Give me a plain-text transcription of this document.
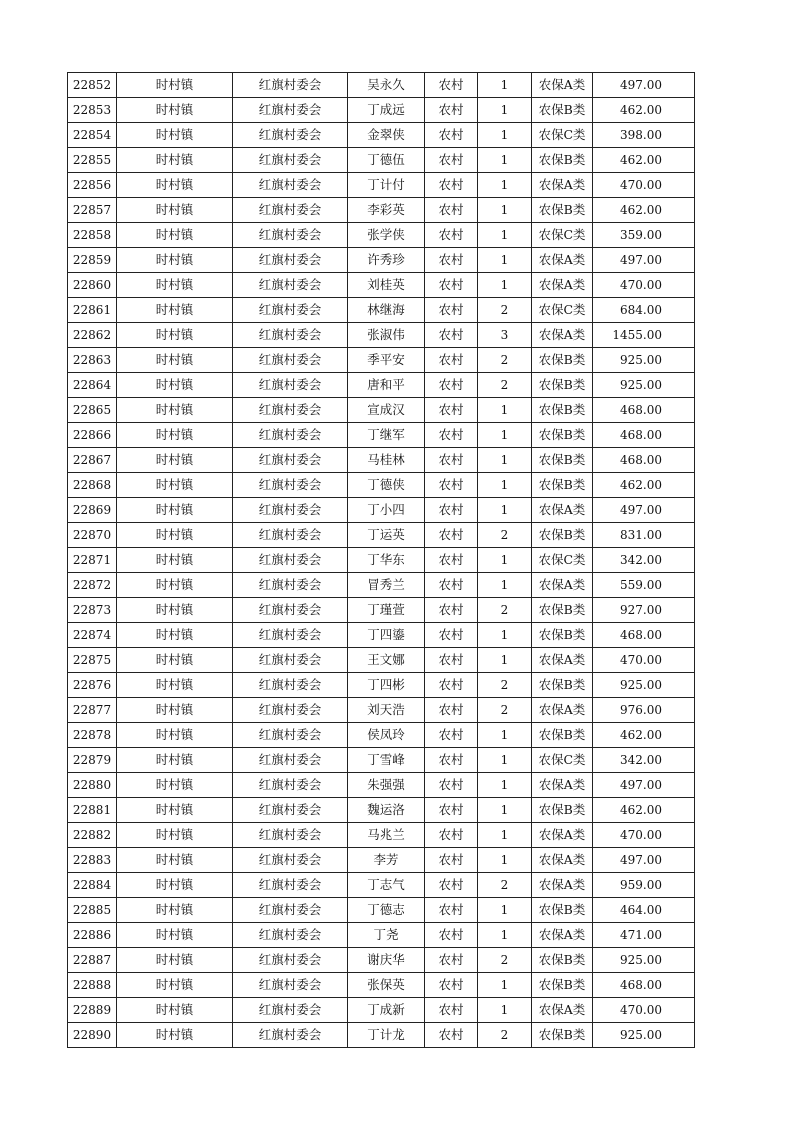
22852	时村镇	红旗村委会	吴永久	农村	1	农保A类	497.00
22853	时村镇	红旗村委会	丁成远	农村	1	农保B类	462.00
22854	时村镇	红旗村委会	金翠侠	农村	1	农保C类	398.00
22855	时村镇	红旗村委会	丁德伍	农村	1	农保B类	462.00
22856	时村镇	红旗村委会	丁计付	农村	1	农保A类	470.00
22857	时村镇	红旗村委会	李彩英	农村	1	农保B类	462.00
22858	时村镇	红旗村委会	张学侠	农村	1	农保C类	359.00
22859	时村镇	红旗村委会	许秀珍	农村	1	农保A类	497.00
22860	时村镇	红旗村委会	刘桂英	农村	1	农保A类	470.00
22861	时村镇	红旗村委会	林继海	农村	2	农保C类	684.00
22862	时村镇	红旗村委会	张淑伟	农村	3	农保A类	1455.00
22863	时村镇	红旗村委会	季平安	农村	2	农保B类	925.00
22864	时村镇	红旗村委会	唐和平	农村	2	农保B类	925.00
22865	时村镇	红旗村委会	宣成汉	农村	1	农保B类	468.00
22866	时村镇	红旗村委会	丁继军	农村	1	农保B类	468.00
22867	时村镇	红旗村委会	马桂林	农村	1	农保B类	468.00
22868	时村镇	红旗村委会	丁德侠	农村	1	农保B类	462.00
22869	时村镇	红旗村委会	丁小四	农村	1	农保A类	497.00
22870	时村镇	红旗村委会	丁运英	农村	2	农保B类	831.00
22871	时村镇	红旗村委会	丁华东	农村	1	农保C类	342.00
22872	时村镇	红旗村委会	冒秀兰	农村	1	农保A类	559.00
22873	时村镇	红旗村委会	丁瑾萱	农村	2	农保B类	927.00
22874	时村镇	红旗村委会	丁四鎏	农村	1	农保B类	468.00
22875	时村镇	红旗村委会	王文娜	农村	1	农保A类	470.00
22876	时村镇	红旗村委会	丁四彬	农村	2	农保B类	925.00
22877	时村镇	红旗村委会	刘天浩	农村	2	农保A类	976.00
22878	时村镇	红旗村委会	侯凤玲	农村	1	农保B类	462.00
22879	时村镇	红旗村委会	丁雪峰	农村	1	农保C类	342.00
22880	时村镇	红旗村委会	朱强强	农村	1	农保A类	497.00
22881	时村镇	红旗村委会	魏运洛	农村	1	农保B类	462.00
22882	时村镇	红旗村委会	马兆兰	农村	1	农保A类	470.00
22883	时村镇	红旗村委会	李芳	农村	1	农保A类	497.00
22884	时村镇	红旗村委会	丁志气	农村	2	农保A类	959.00
22885	时村镇	红旗村委会	丁德志	农村	1	农保B类	464.00
22886	时村镇	红旗村委会	丁尧	农村	1	农保A类	471.00
22887	时村镇	红旗村委会	谢庆华	农村	2	农保B类	925.00
22888	时村镇	红旗村委会	张保英	农村	1	农保B类	468.00
22889	时村镇	红旗村委会	丁成新	农村	1	农保A类	470.00
22890	时村镇	红旗村委会	丁计龙	农村	2	农保B类	925.00
